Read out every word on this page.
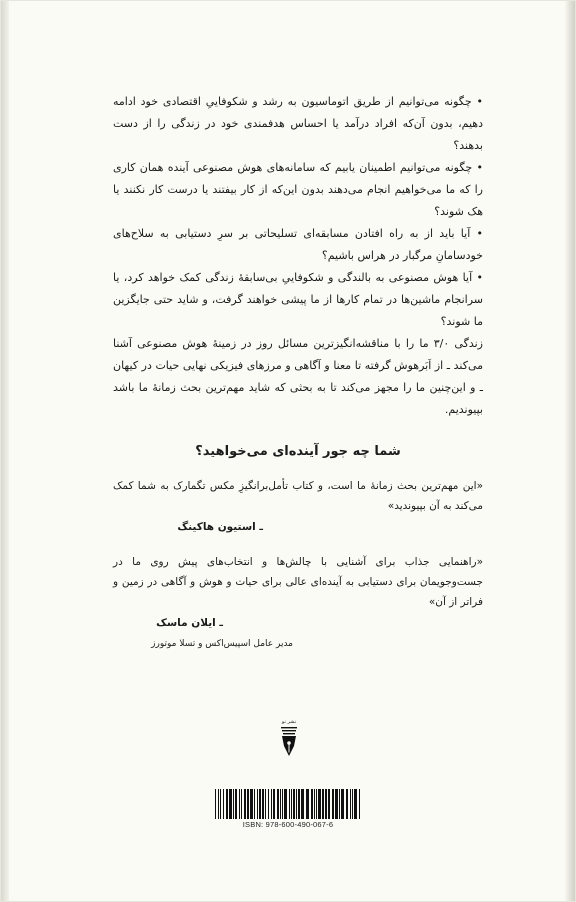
• چگونه می‌توانیم از طریق اتوماسیون به رشد و شکوفاییِ اقتصادی خود ادامه دهیم، بدون آن‌که افراد درآمد یا احساس هدفمندی خود در زندگی را از دست بدهند؟

• چگونه می‌توانیم اطمینان یابیم که سامانه‌های هوش مصنوعی آینده همان کاری را که ما می‌خواهیم انجام می‌دهند بدون این‌که از کار بیفتند یا درست کار نکنند یا هک شوند؟

• آیا باید از به راه افتادن مسابقه‌ای تسلیحاتی بر سرِ دستیابی به سلاح‌های خودسامانِ مرگبار در هراس باشیم؟

• آیا هوش مصنوعی به بالندگی و شکوفاییِ بی‌سابقهٔ زندگی کمک خواهد کرد، یا سرانجام ماشین‌ها در تمام کارها از ما پیشی خواهند گرفت، و شاید حتی جایگزین ما شوند؟

زندگی ۳/۰ ما را با مناقشه‌انگیزترین مسائل روز در زمینهٔ هوش مصنوعی آشنا می‌کند ـ از اَبَرهوش گرفته تا معنا و آگاهی و مرزهای فیزیکی نهایی حیات در کیهان ـ و این‌چنین ما را مجهز می‌کند تا به بحثی که شاید مهم‌ترین بحث زمانهٔ ما باشد بپیوندیم.

شما چه جور آینده‌ای می‌خواهید؟

«این مهم‌ترین بحث زمانهٔ ما است، و کتاب تأمل‌برانگیزِ مکس تگمارک به شما کمک می‌کند به آن بپیوندید»

ـ استیون هاکینگ

«راهنمایی جذاب برای آشنایی با چالش‌ها و انتخاب‌های پیش روی ما در جست‌وجویمان برای دستیابی به آینده‌ای عالی برای حیات و هوش و آگاهی در زمین و فراتر از آن»

ـ ایلان ماسک

مدیر عامل اسپیس‌اکس و تسلا موتورز

نشر نو
ISBN: 978-600-490-067-6
